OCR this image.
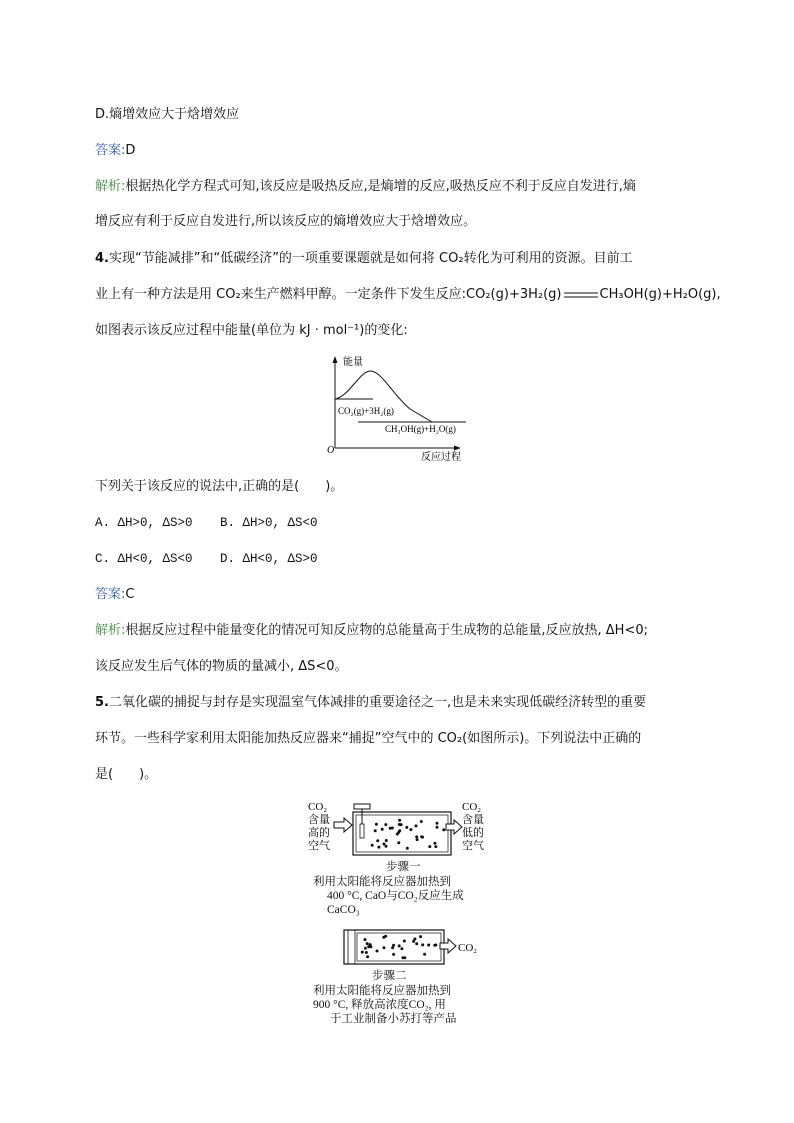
D.熵增效应大于焓增效应
答案:D
解析:根据热化学方程式可知,该反应是吸热反应,是熵增的反应,吸热反应不利于反应自发进行,熵
增反应有利于反应自发进行,所以该反应的熵增效应大于焓增效应。
4.实现“节能减排”和“低碳经济”的一项重要课题就是如何将 CO₂转化为可利用的资源。目前工
业上有一种方法是用 CO₂来生产燃料甲醇。一定条件下发生反应:CO₂(g)+3H₂(g)	CH₃OH(g)+H₂O(g),
如图表示该反应过程中能量(单位为 kJ · mol⁻¹)的变化:
能量
O
反应过程
CO₂(g)+3H₂(g)
CH₃OH(g)+H₂O(g)
下列关于该反应的说法中,正确的是(　　)。
A. ΔH>0, ΔS>0 B. ΔH>0, ΔS<0
C. ΔH<0, ΔS<0 D. ΔH<0, ΔS>0
答案:C
解析:根据反应过程中能量变化的情况可知反应物的总能量高于生成物的总能量,反应放热, ΔH<0;
该反应发生后气体的物质的量减小, ΔS<0。
5.二氧化碳的捕捉与封存是实现温室气体减排的重要途径之一,也是未来实现低碳经济转型的重要
环节。一些科学家利用太阳能加热反应器来“捕捉”空气中的 CO₂(如图所示)。下列说法中正确的
是(　　)。
CO₂
含量
高的
空气
CO₂
含量
低的
空气
步骤一
利用太阳能将反应器加热到
400 °C, CaO与CO₂反应生成
CaCO₃
CO₂
步骤二
利用太阳能将反应器加热到
900 °C, 释放高浓度CO₂, 用
于工业制备小苏打等产品
